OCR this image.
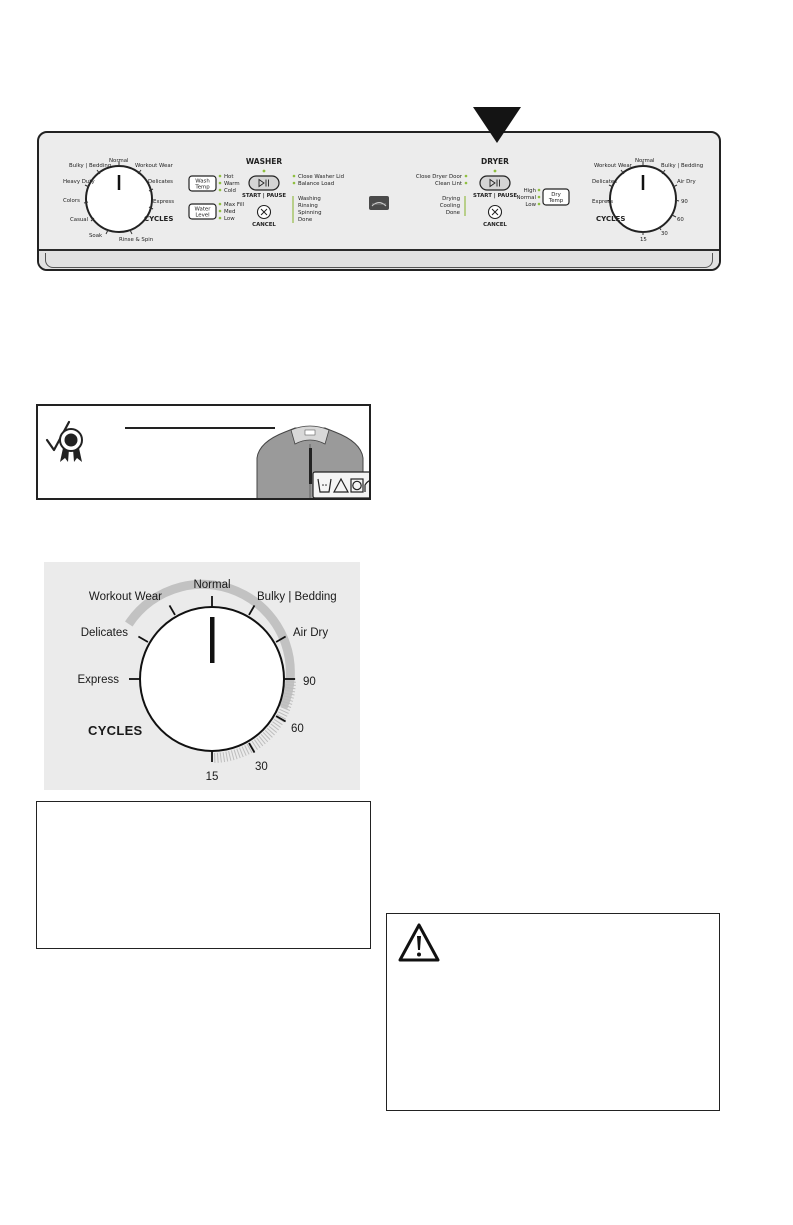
Bulky | Bedding
Normal
Workout Wear
Heavy Duty	Delicates
Express
Colors
Casual
Soak
Rinse & Spin
CYCLES
Wash
Temp
Hot
Warm
Cold
Water
Level
Max Fill
Med
Low
WASHER
START | PAUSE
CANCEL
Close Washer Lid
Balance Load
Washing
Rinsing
Spinning
Done
Close Dryer Door
Clean Lint
Drying
Cooling
Done
DRYER
START | PAUSE
CANCEL
High
Normal
Low
Dry
Temp
Workout Wear
Normal
Bulky | Bedding
Delicates	Air Dry
Express	90
60
30
15
CYCLES
Normal
Workout Wear	Bulky | Bedding
Delicates	Air Dry
Express	90
60
30
15
CYCLES
